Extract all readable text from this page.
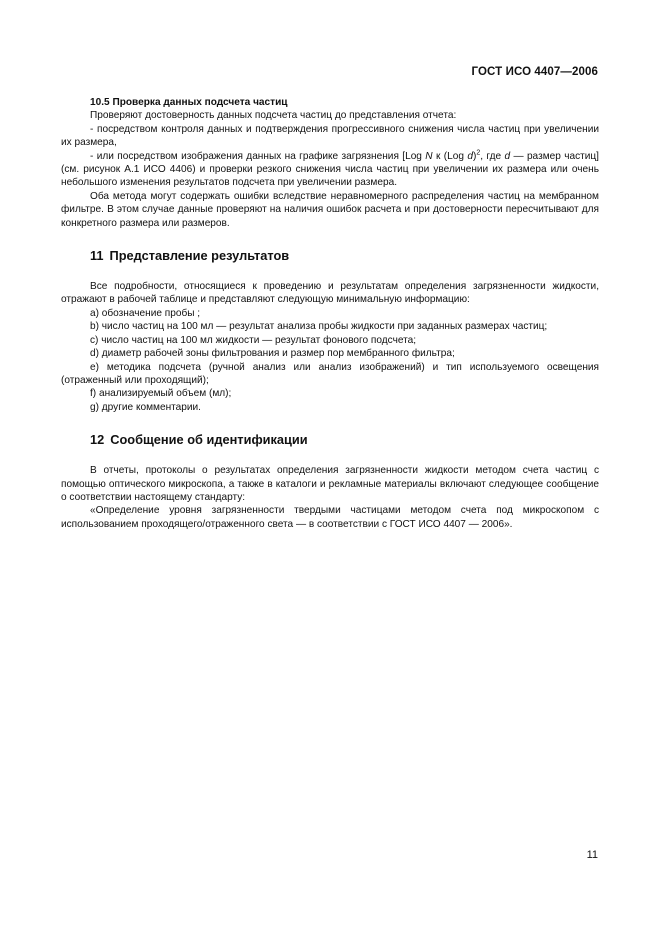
ГОСТ ИСО 4407—2006

10.5 Проверка данных подсчета частиц

Проверяют достоверность данных подсчета частиц до представления отчета:

- посредством контроля данных и подтверждения прогрессивного снижения числа частиц при увеличении их размера,

- или посредством изображения данных на графике загрязнения [Log N к (Log d)$^2$, где d — размер частиц] (см. рисунок А.1 ИСО 4406) и проверки резкого снижения числа частиц при увеличении их размера или очень небольшого изменения результатов подсчета при увеличении размера.

Оба метода могут содержать ошибки вследствие неравномерного распределения частиц на мембранном фильтре. В этом случае данные проверяют на наличия ошибок расчета и при достоверности пересчитывают для конкретного размера или размеров.

11 Представление результатов

Все подробности, относящиеся к проведению и результатам определения загрязненности жидкости, отражают в рабочей таблице и представляют следующую минимальную информацию:

a) обозначение пробы ;

b) число частиц на 100 мл — результат анализа пробы жидкости при заданных размерах частиц;

c) число частиц на 100 мл жидкости — результат фонового подсчета;

d) диаметр рабочей зоны фильтрования и размер пор мембранного фильтра;

e) методика подсчета (ручной анализ или анализ изображений) и тип используемого освещения (отраженный или проходящий);

f) анализируемый объем (мл);

g) другие комментарии.

12 Сообщение об идентификации

В отчеты, протоколы о результатах определения загрязненности жидкости методом счета частиц с помощью оптического микроскопа, а также в каталоги и рекламные материалы включают следующее сообщение о соответствии настоящему стандарту:

«Определение уровня загрязненности твердыми частицами методом счета под микроскопом с использованием проходящего/отраженного света — в соответствии с ГОСТ ИСО 4407 — 2006».

11
